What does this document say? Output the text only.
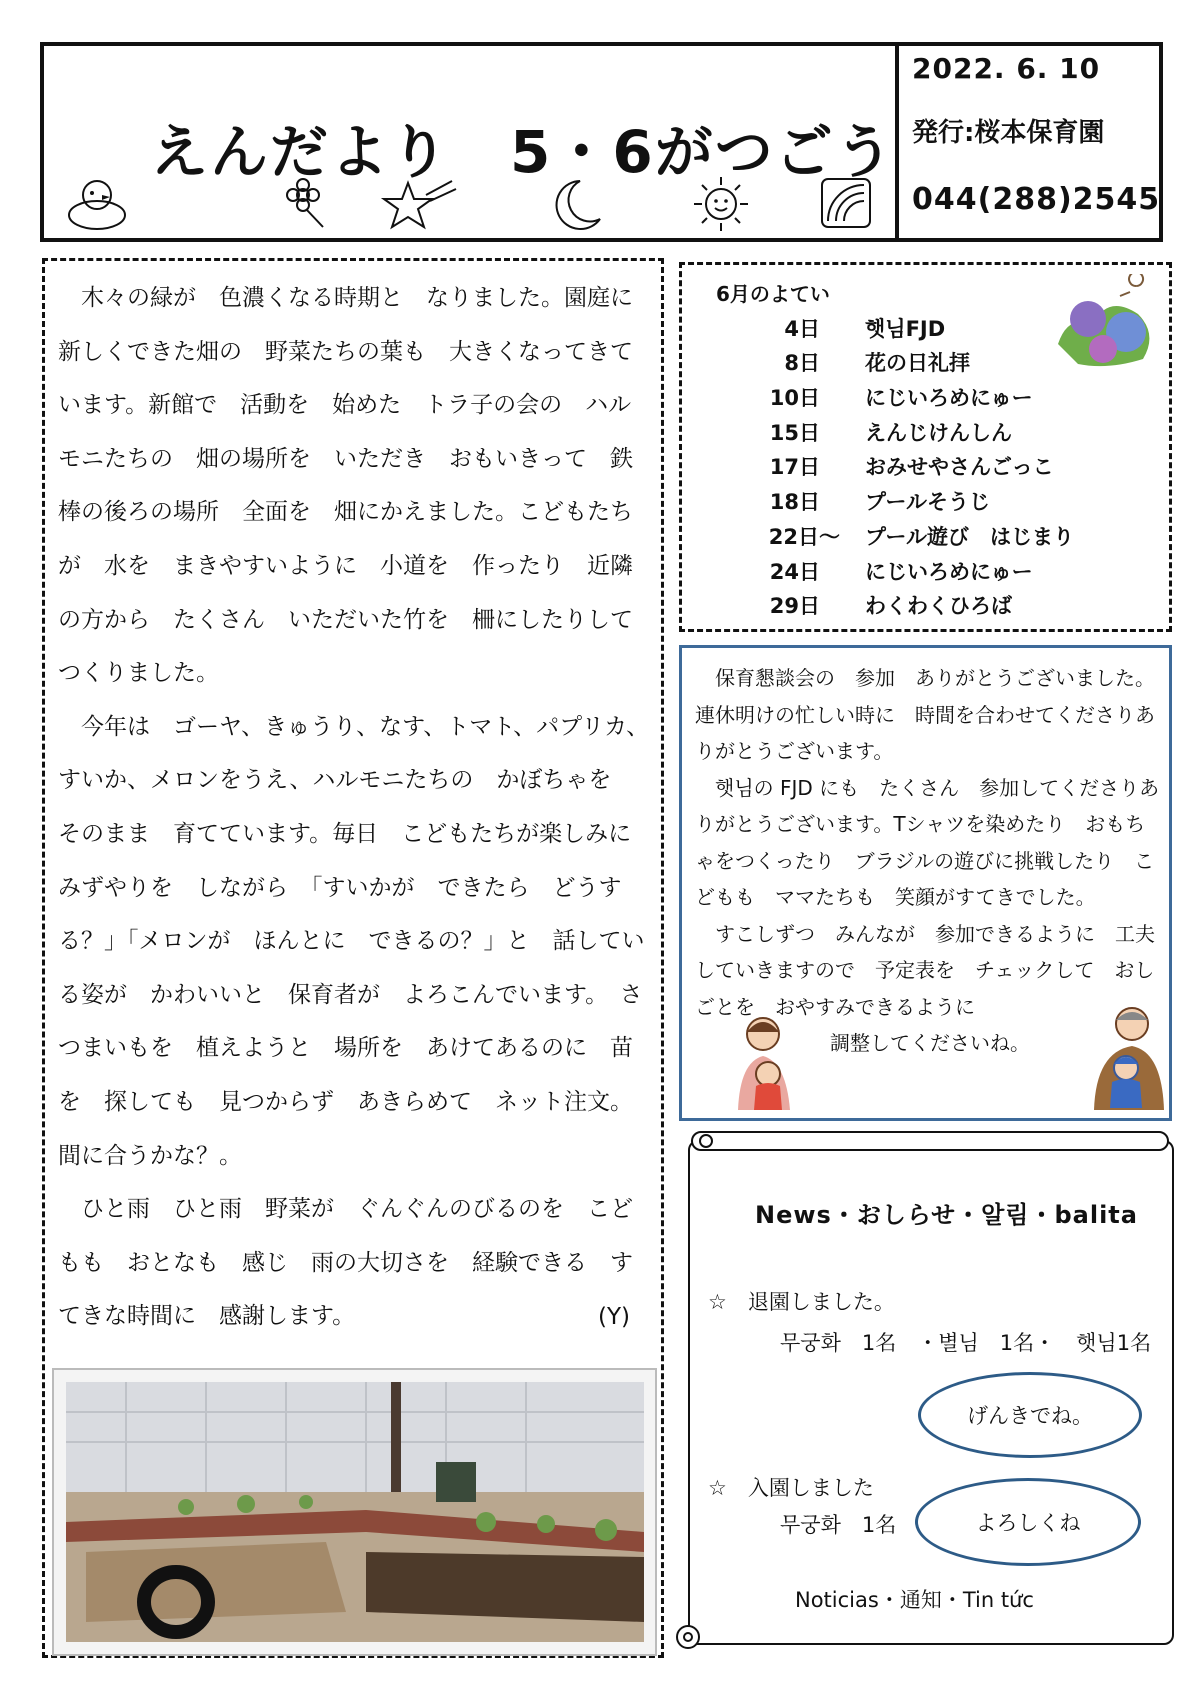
えんだより　5・6がつごう
2022. 6. 10
発行:桜本保育園
044(288)2545

木々の緑が　色濃くなる時期と　なりました。園庭に　新しくできた畑の　野菜たちの葉も　大きくなってきています。新館で　活動を　始めた　トラ子の会の　ハルモニたちの　畑の場所を　いただき　おもいきって　鉄棒の後ろの場所　全面を　畑にかえました。こどもたちが　水を　まきやすいように　小道を　作ったり　近隣の方から　たくさん　いただいた竹を　柵にしたりして　つくりました。

今年は　ゴーヤ、きゅうり、なす、トマト、パプリカ、すいか、メロンをうえ、ハルモニたちの　かぼちゃを　そのまま　育てています。毎日　こどもたちが楽しみに　みずやりを　しながら　「すいかが　できたら　どうする？」「メロンが　ほんとに　できるの？」と　話している姿が　かわいいと　保育者が　よろこんでいます。　さつまいもを　植えようと　場所を　あけてあるのに　苗を　探しても　見つからず　あきらめて　ネット注文。間に合うかな？。

ひと雨　ひと雨　野菜が　ぐんぐんのびるのを　こどもも　おとなも　感じ　雨の大切さを　経験できる　すてきな時間に　感謝します。	(Y)

6月のよてい
4日 햇님FJD
8日 花の日礼拝
10日 にじいろめにゅー
15日 えんじけんしん
17日 おみせやさんごっこ
18日 プールそうじ
22日～ プール遊び　はじまり
24日 にじいろめにゅー
29日 わくわくひろば

保育懇談会の　参加　ありがとうございました。連休明けの忙しい時に　時間を合わせてくださりありがとうございます。

햇님の FJD にも　たくさん　参加してくださりありがとうございます。Tシャツを染めたり　おもちゃをつくったり　ブラジルの遊びに挑戦したり　こどもも　ママたちも　笑顔がすてきでした。

すこしずつ　みんなが　参加できるように　工夫していきますので　予定表を　チェックして　おしごとを　おやすみできるように

調整してくださいね。

News・おしらせ・알림・balita
☆　退園しました。
무궁화　1名　・별님　1名・　햇님1名
げんきでね。
☆　入園しました
무궁화　1名	よろしくね
Noticias・通知・Tin tức
